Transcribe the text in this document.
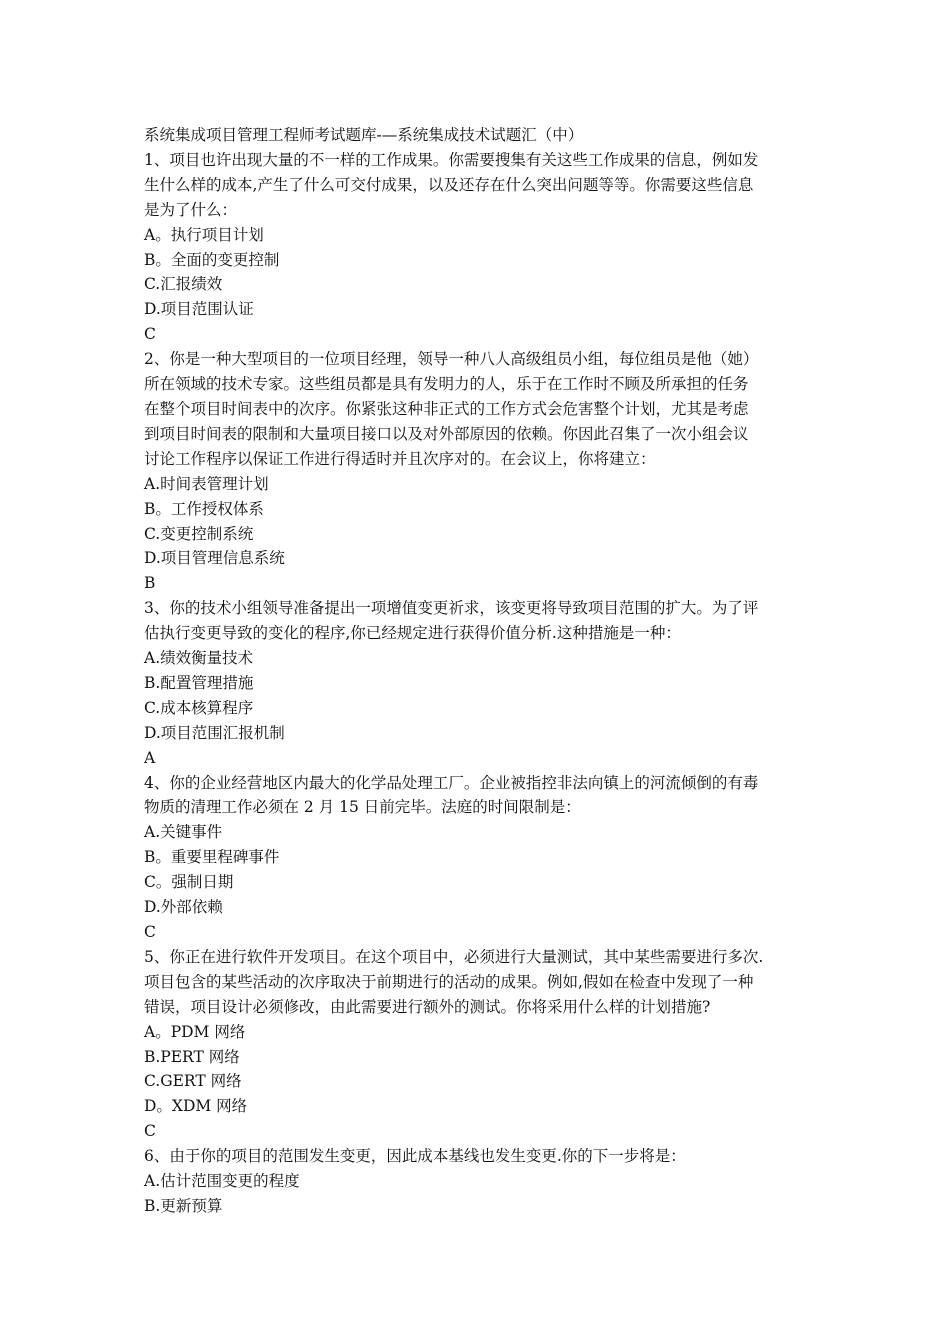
系统集成项目管理工程师考试题库-—系统集成技术试题汇（中）
1、项目也许出现大量的不一样的工作成果。你需要搜集有关这些工作成果的信息，例如发
生什么样的成本,产生了什么可交付成果，以及还存在什么突出问题等等。你需要这些信息
是为了什么：
A。执行项目计划
B。全面的变更控制
C.汇报绩效
D.项目范围认证
C
2、你是一种大型项目的一位项目经理，领导一种八人高级组员小组，每位组员是他（她）
所在领域的技术专家。这些组员都是具有发明力的人，乐于在工作时不顾及所承担的任务
在整个项目时间表中的次序。你紧张这种非正式的工作方式会危害整个计划，尤其是考虑
到项目时间表的限制和大量项目接口以及对外部原因的依赖。你因此召集了一次小组会议
讨论工作程序以保证工作进行得适时并且次序对的。在会议上，你将建立：
A.时间表管理计划
B。工作授权体系
C.变更控制系统
D.项目管理信息系统
B
3、你的技术小组领导准备提出一项增值变更祈求，该变更将导致项目范围的扩大。为了评
估执行变更导致的变化的程序,你已经规定进行获得价值分析.这种措施是一种：
A.绩效衡量技术
B.配置管理措施
C.成本核算程序
D.项目范围汇报机制
A
4、你的企业经营地区内最大的化学品处理工厂。企业被指控非法向镇上的河流倾倒的有毒
物质的清理工作必须在 2 月 15 日前完毕。法庭的时间限制是：
A.关键事件
B。重要里程碑事件
C。强制日期
D.外部依赖
C
5、你正在进行软件开发项目。在这个项目中，必须进行大量测试，其中某些需要进行多次.
项目包含的某些活动的次序取决于前期进行的活动的成果。例如,假如在检查中发现了一种
错误，项目设计必须修改，由此需要进行额外的测试。你将采用什么样的计划措施?
A。PDM 网络
B.PERT 网络
C.GERT 网络
D。XDM 网络
C
6、由于你的项目的范围发生变更，因此成本基线也发生变更.你的下一步将是：
A.估计范围变更的程度
B.更新预算
